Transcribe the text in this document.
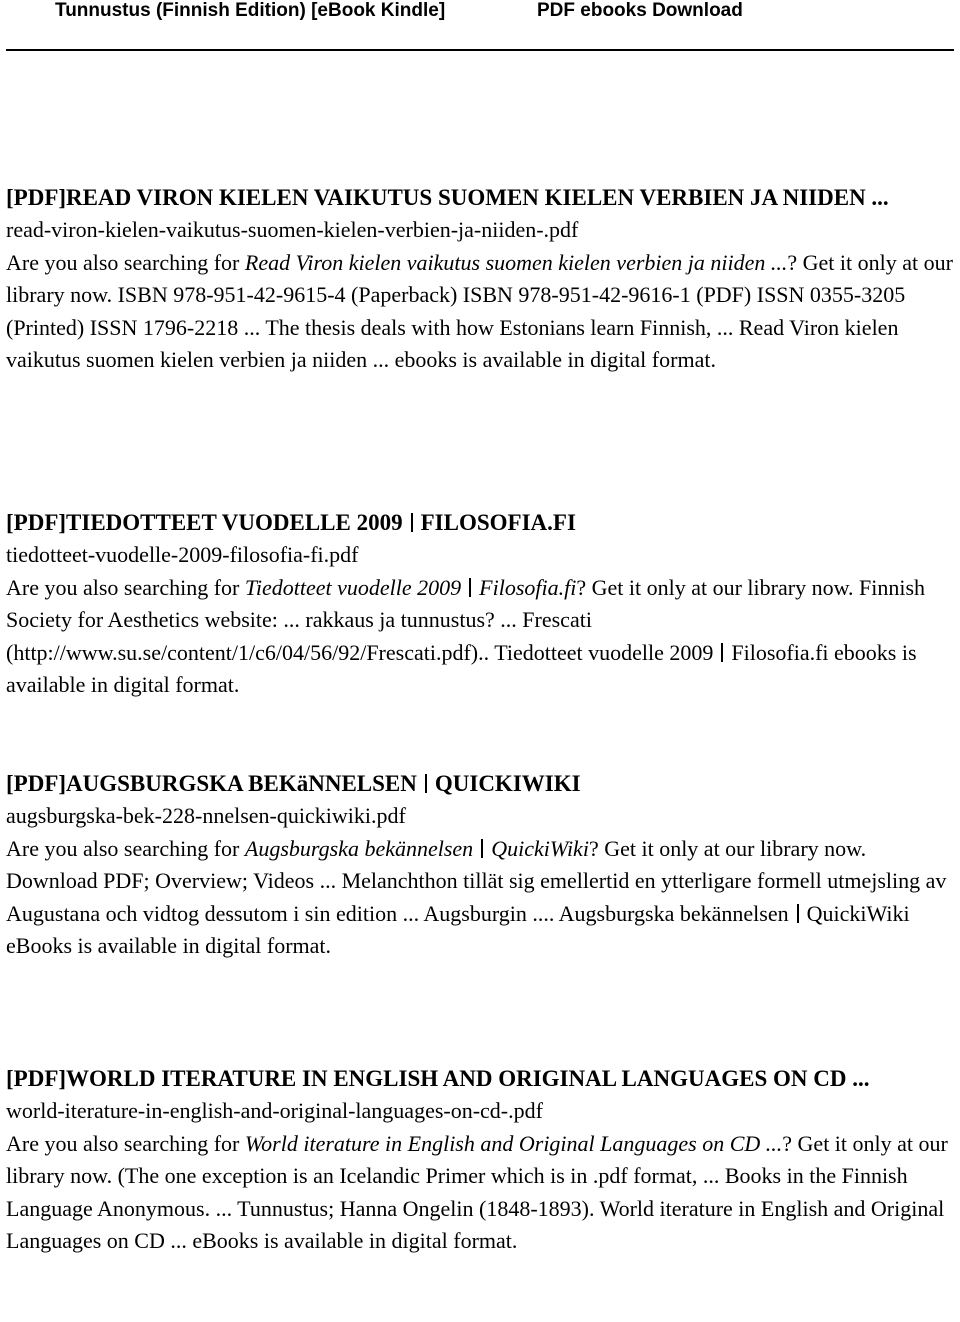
Tunnustus (Finnish Edition) [eBook Kindle]	PDF ebooks Download
[PDF]READ VIRON KIELEN VAIKUTUS SUOMEN KIELEN VERBIEN JA NIIDEN ...
read-viron-kielen-vaikutus-suomen-kielen-verbien-ja-niiden-.pdf
Are you also searching for Read Viron kielen vaikutus suomen kielen verbien ja niiden ...? Get it only at our library now. ISBN 978-951-42-9615-4 (Paperback) ISBN 978-951-42-9616-1 (PDF) ISSN 0355-3205 (Printed) ISSN 1796-2218 ... The thesis deals with how Estonians learn Finnish, ... Read Viron kielen vaikutus suomen kielen verbien ja niiden ... ebooks is available in digital format.
[PDF]TIEDOTTEET VUODELLE 2009 FILOSOFIA.FI
tiedotteet-vuodelle-2009-filosofia-fi.pdf
Are you also searching for Tiedotteet vuodelle 2009 Filosofia.fi? Get it only at our library now. Finnish Society for Aesthetics website: ... rakkaus ja tunnustus? ... Frescati (http://www.su.se/content/1/c6/04/56/92/Frescati.pdf).. Tiedotteet vuodelle 2009 Filosofia.fi ebooks is available in digital format.
[PDF]AUGSBURGSKA BEKäNNELSEN QUICKIWIKI
augsburgska-bek-228-nnelsen-quickiwiki.pdf
Are you also searching for Augsburgska bekännelsen QuickiWiki? Get it only at our library now. Download PDF; Overview; Videos ... Melanchthon tillät sig emellertid en ytterligare formell utmejsling av Augustana och vidtog dessutom i sin edition ... Augsburgin .... Augsburgska bekännelsen QuickiWiki eBooks is available in digital format.
[PDF]WORLD ITERATURE IN ENGLISH AND ORIGINAL LANGUAGES ON CD ...
world-iterature-in-english-and-original-languages-on-cd-.pdf
Are you also searching for World iterature in English and Original Languages on CD ...? Get it only at our library now. (The one exception is an Icelandic Primer which is in .pdf format, ... Books in the Finnish Language Anonymous. ... Tunnustus; Hanna Ongelin (1848-1893). World iterature in English and Original Languages on CD ... eBooks is available in digital format.
